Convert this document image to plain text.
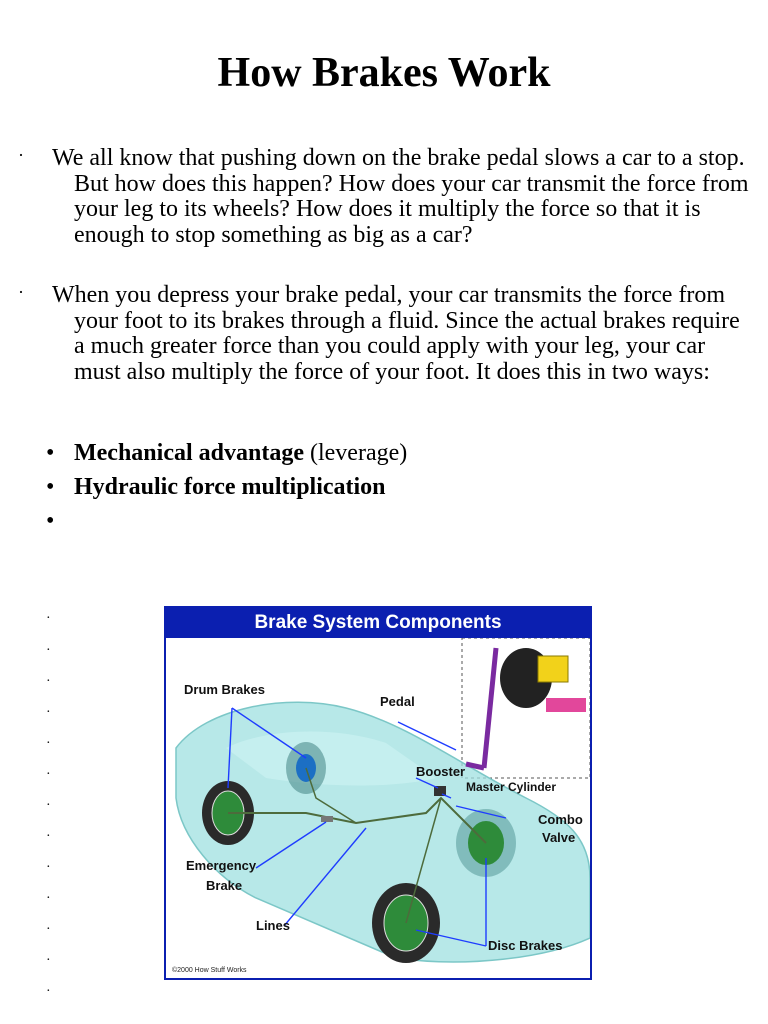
How Brakes Work

· We all know that pushing down on the brake pedal slows a car to a stop. But how does this happen? How does your car transmit the force from your leg to its wheels? How does it multiply the force so that it is enough to stop something as big as a car?

· When you depress your brake pedal, your car transmits the force from your foot to its brakes through a fluid. Since the actual brakes require a much greater force than you could apply with your leg, your car must also multiply the force of your foot. It does this in two ways:

• Mechanical advantage (leverage)
• Hydraulic force multiplication
•
·
·
·
·
·
·
·
·
·
·
·
·
·
Brake System Components
Drum Brakes
Pedal
Booster
Master Cylinder
Combo
Valve
Emergency
Brake
Lines
Disc Brakes
©2000 How Stuff Works
